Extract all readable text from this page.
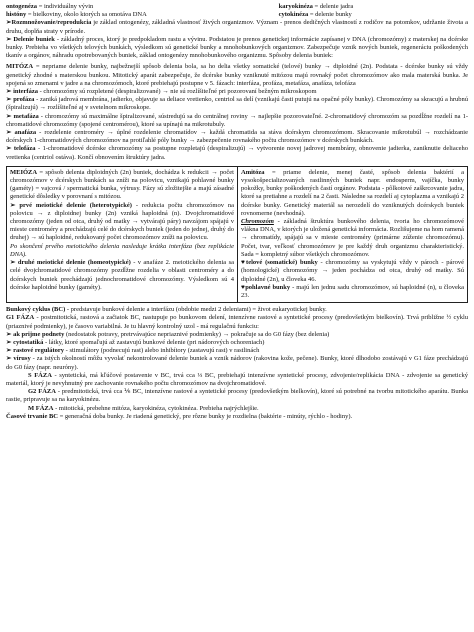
ontogenéza = individuálny vývin

históny = bielkoviny, okolo ktorých sa omotáva DNA

karyokinéza = delenie jadra

cytokinéza = delenie bunky

➢Rozmnožovanie/reprodukcia je základ ontogenézy, základná vlastnosť živých organizmov. Význam - prenos dedičných vlastností z rodičov na potomkov, udržanie života a druhu, doplňa straty v prírode.

➢ Delenie buniek - základný proces, ktorý je predpokladom rastu a vývinu. Podstatou je prenos genetickej informácie zapísanej v DNA (chromozómy) z materskej na dcérske bunky. Prebieha vo všetkých telových bunkách, výsledkom sú genetické bunky a mnohobunkových organizmov. Zabezpečuje vznik nových buniek, regeneráciu poškodených tkanív a orgánov, náhradu opotrebovaných buniek, základ ontogenézy mnohobunkového organizmu. Spôsoby delenia buniek:

MITÓZA = nepriame delenie bunky, najbežnejší spôsob delenia bola, sa ho delia všetky somatické (telové) bunky → diploidné (2n). Podstata - dcérske bunky sú vždy genetický zhodné s materskou bunkou. Mitotický aparát zabezpečuje, že dcérske bunky vzniknuté mitózou majú rovnaký počet chromozómov ako mala materská bunka. Je spojená so zmenami v jadre a na chromozómoch, ktoré prebiehajú postupne v 5. fázach: interfáza, profáza, metafáza, anafáza, telofáza

➢ interfáza - chromozómy sú rozpletené (despiralizované) → nie sú rozlíšiteľné pri pozorovaní bežným mikroskopom

➢ profáza - zaniká jadrová membrána, jadierko, objavuje sa deliace vretienko, centriol sa delí (vznikajú časti putujú na opačné póly bunky). Chromozómy sa skracujú a hrubnú (špiralizujú) → rozlíšiteľné aj v svetelnom mikroskope.

➢ metafáza - chromozómy sú maximálne špiralizované, sústredujú sa do centrálnej roviny → najlepšie pozorovateľné. 2-chromatidový chromozóm sa pozdĺžne rozdelí na 1-chromatidové chromozómy (spojené centromérou), ktoré sa upínajú na mikrotubuly.

➢ anafáza - rozdelenie centroméry → úplné rozdelenie chromatídov → každá chromatida sa stáva dcérskym chromozómom. Skracovanie mikrotubúl → rozchádzanie dcérskych 1-chromatidových chromozómov na protiľahlé póly bunky → zabezpečenie rovnakého počtu chromozómov v dcérskych bunkách.

➢ telofáza - 1-chromatidové dcérske chromozómy sa postupne rozpletajú (despiralizujú) → vytvorenie novej jadrovej membrány, obnovenie jadierka, zaniknutie deliaceho vretienka (centriol ostáva). Končí obnovením štruktúry jadra.

MEIÓZA = spôsob delenia diploidných (2n) buniek, dochádza k redukcii → počet chromozómov v dcérskych bunkách sa zníži na polovicu, vznikajú pohlavné bunky (gaméty) = vajcová / spermatická bunka, výtrusy. Fázy sú zložitejšie a majú zásadné genetické dôsledky v porovnaní s mitózou.

➢ prvé meiotické delenie (heterotypické) - redukcia počtu chromozómov na polovicu → z diploidnej bunky (2n) vzniká haploidná (n). Dvojchromatidové chromozómy (jeden od otca, druhý od matky → vytvárajú páry) navzájom spájajú v mieste centroméry a prechádzajú celé do dcérskych buniek (jeden do jednej, druhý do druhej) → sú haploidné, redukovaný počet chromozómov zníži na polovicu.

Po skončení prvého meiotického delenia nasleduje krátka interfáza (bez replikácie DNA).

➢ druhé meiotické delenie (homeotypické) - v anafáze 2. meiotického delenia sa celé dvojchromatidové chromozómy pozdĺžne rozdelia v oblasti centroméry a do dcérskych buniek prechádzajú jednochromatidové chromozómy. Výsledkom sú 4 dcérske haploidné bunky (gaméty).

Amitóza = priame delenie, menej časté, spôsob delenia baktérií a vysokošpecializovaných rastlinných buniek napr. endosperm, vajíčka, bunky pokožky, bunky poškodených častí orgánov. Podstata - pôlkotové zaškrcovanie jadra, ktoré sa pretiahne a rozdelí na 2 časti. Následne sa rozdelí aj cytoplazma a vznikajú 2 dcérske bunky. Genetický materiál sa nerozdelí do vzniknutých dcérskych buniek rovnomerne (nevhodná).

Chromozóm - základná štruktúra bunkového delenia, tvoria ho chromozómové vlákna DNA, v ktorých je uložená genetická informácia. Rozlišujeme na hom ramená → chromatídy, spájajú sa v mieste centroméry (primárne zúženie chromozómu). Počet, tvar, veľkosť chromozómov je pre každý druh organizmu charakteristický. Sada = kompletný súbor všetkých chromozómov.

♥telové (somatické) bunky - chromozómy sa vyskytujú vždy v pároch - párové (homologické) chromozómy → jeden pochádza od otca, druhý od matky. Sú diploidné (2n), u človeka 46.

♥pohlavné bunky - majú len jednu sadu chromozómov, sú haploidné (n), u človeka 23.

Bunkový cyklus (BC) - predstavuje bunkové delenie a interfázu (obdobie medzi 2 deleniami) = život eukaryotickej bunky.

G1 FÁZA - postmitotická, rastová a začiatok BC, nastupuje po bunkovom delení, intenzívne rastové a syntetické procesy (predovšetkým bielkovín). Trvá približne ½ cyklu (priaznivé podmienky), je časovo variabilná. Je tu hlavný kontrolný uzol - má regulačnú funkciu:

➢ ak prijme podnety (nedostatok potravy, pretrvávajúce nepriaznivé podmienky) → pokračuje sa do G0 fázy (bez delenia)

➢ cytostatiká - látky, ktoré spomaľujú až zastavujú bunkové delenie (pri nádorových ochoreniach)

➢ rastové regulátory - stimulátory (podnecujú rast) alebo inhibítory (zastavujú rast) v rastlinách

➢ vírusy - za istých okolností môžu vyvolať nekontrolované delenie buniek a vznik nádorov (rakovina kože, pečene). Bunky, ktoré dlhodobo zostávajú v G1 fáze prechádzajú do G0 fázy (napr. neuróny).

S FÁZA - syntetická, má kľúčové postavenie v BC, trvá cca ⅓ BC, prebiehajú intenzívne syntetické procesy, zdvojenie/replikácia DNA - zdvojenie sa genetický materiál, ktorý je nevyhnutný pre zachovanie rovnakého počtu chromozómov na dvojchromatidové.

G2 FÁZA - predmitotická, trvá cca ⅙ BC, intenzívne rastové a syntetické procesy (predovšetkým bielkovín), ktoré sú potrebné na tvorbu mitotického aparátu. Bunka rastie, pripravuje sa na karyokinézu.

M FÁZA - mitotická, prebehne mitóza, karyokinéza, cytokinéza. Prebieha najrýchlejšie.

Časové trvanie BC = generačná doba bunky. Je riadená genetický, pre rôzne bunky je rozdielna (baktérie - minúty, rýchlo - hodiny).
